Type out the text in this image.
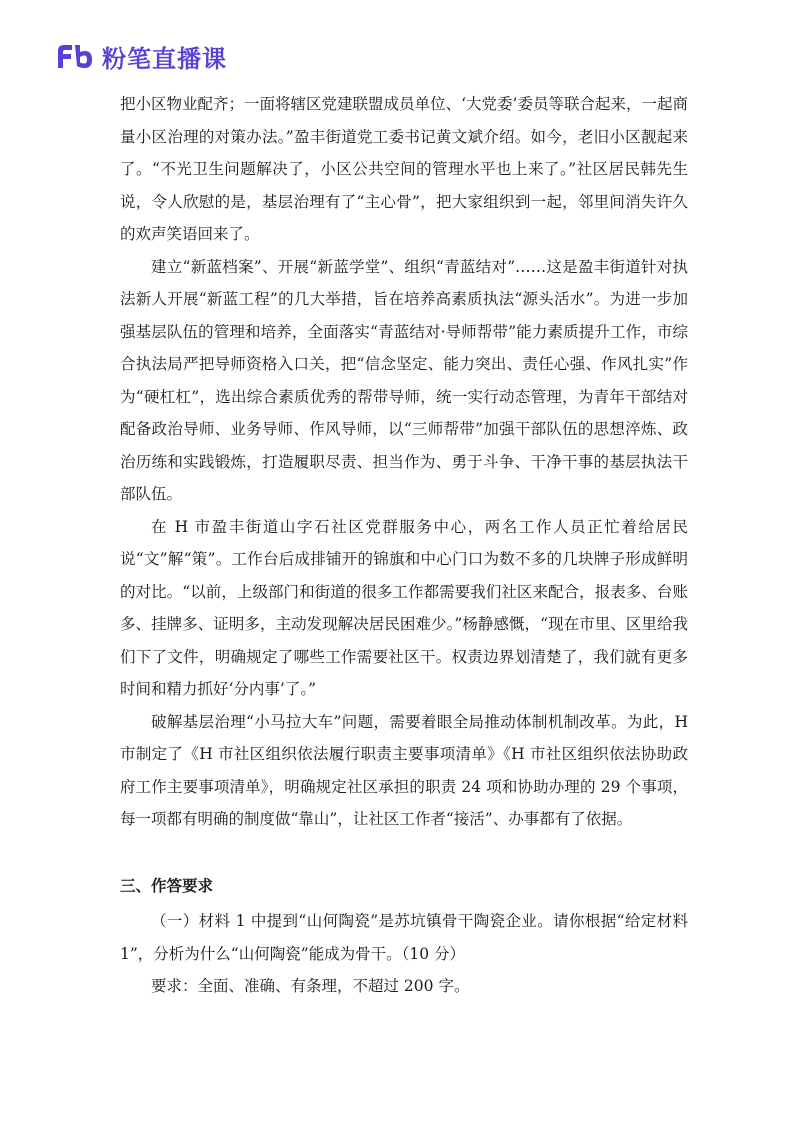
粉笔直播课

把小区物业配齐；一面将辖区党建联盟成员单位、‘大党委’委员等联合起来，一起商量小区治理的对策办法。”盈丰街道党工委书记黄文斌介绍。如今，老旧小区靓起来了。“不光卫生问题解决了，小区公共空间的管理水平也上来了。”社区居民韩先生说，令人欣慰的是，基层治理有了“主心骨”，把大家组织到一起，邻里间消失许久的欢声笑语回来了。

建立“新蓝档案”、开展“新蓝学堂”、组织“青蓝结对”……这是盈丰街道针对执法新人开展“新蓝工程”的几大举措，旨在培养高素质执法“源头活水”。为进一步加强基层队伍的管理和培养，全面落实“青蓝结对·导师帮带”能力素质提升工作，市综合执法局严把导师资格入口关，把“信念坚定、能力突出、责任心强、作风扎实”作为“硬杠杠”，选出综合素质优秀的帮带导师，统一实行动态管理，为青年干部结对配备政治导师、业务导师、作风导师，以“三师帮带”加强干部队伍的思想淬炼、政治历练和实践锻炼，打造履职尽责、担当作为、勇于斗争、干净干事的基层执法干部队伍。

在 H 市盈丰街道山字石社区党群服务中心，两名工作人员正忙着给居民说“文”解“策”。工作台后成排铺开的锦旗和中心门口为数不多的几块牌子形成鲜明的对比。“以前，上级部门和街道的很多工作都需要我们社区来配合，报表多、台账多、挂牌多、证明多，主动发现解决居民困难少。”杨静感慨，“现在市里、区里给我们下了文件，明确规定了哪些工作需要社区干。权责边界划清楚了，我们就有更多时间和精力抓好‘分内事’了。”

破解基层治理“小马拉大车”问题，需要着眼全局推动体制机制改革。为此，H 市制定了《H 市社区组织依法履行职责主要事项清单》《H 市社区组织依法协助政府工作主要事项清单》，明确规定社区承担的职责 24 项和协助办理的 29 个事项，每一项都有明确的制度做“靠山”，让社区工作者“接活”、办事都有了依据。

三、作答要求

（一）材料 1 中提到“山何陶瓷”是苏坑镇骨干陶瓷企业。请你根据“给定材料 1”，分析为什么“山何陶瓷”能成为骨干。（10 分）

要求：全面、准确、有条理，不超过 200 字。
